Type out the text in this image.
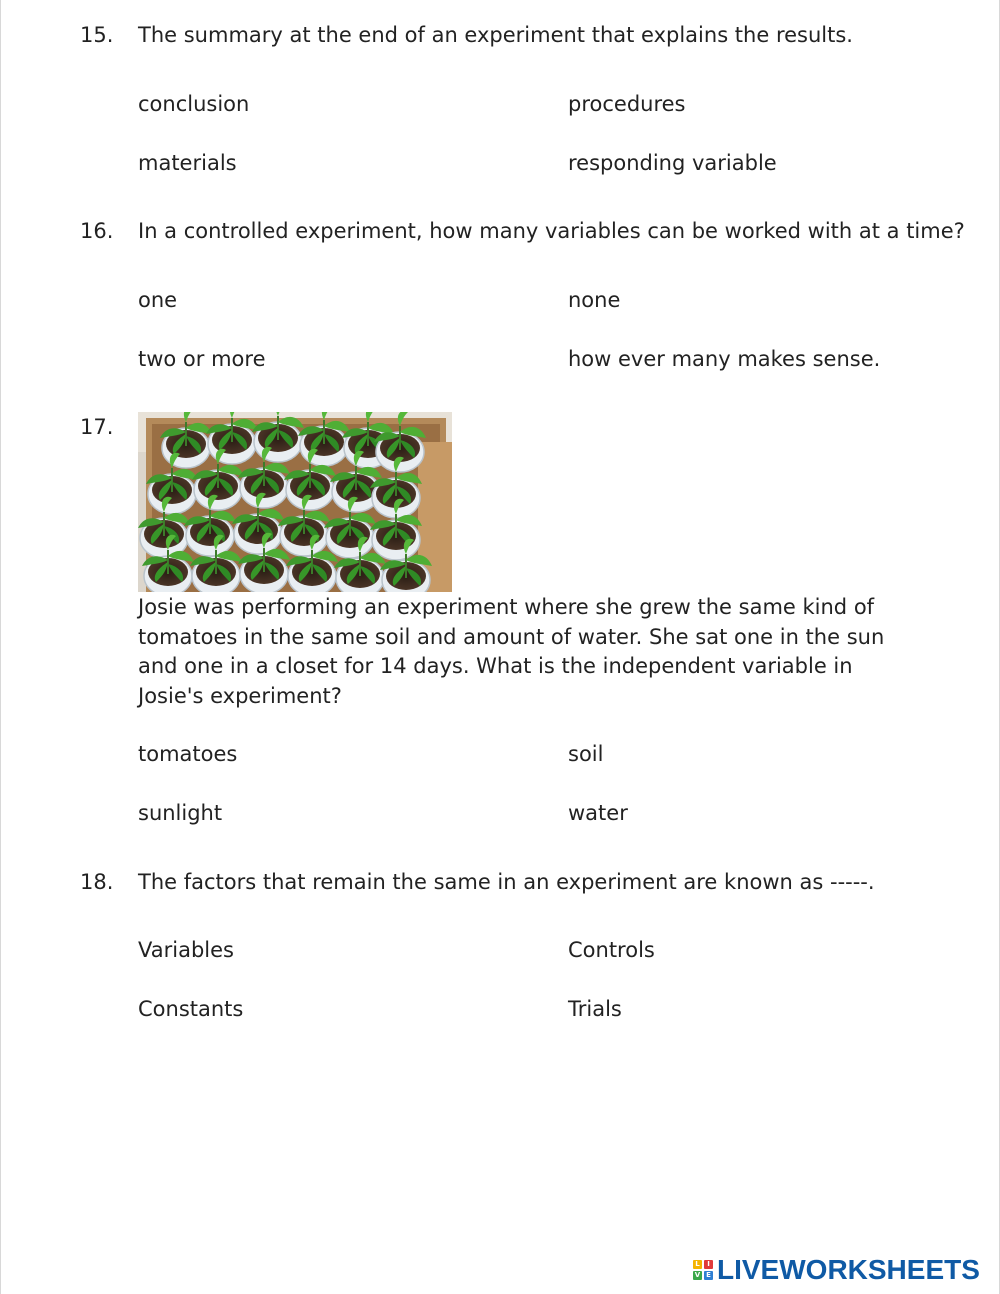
15. The summary at the end of an experiment that explains the results.
conclusion	procedures
materials	responding variable
16. In a controlled experiment, how many variables can be worked with at a time?
one	none
two or more	how ever many makes sense.
17.
Josie was performing an experiment where she grew the same kind of tomatoes in the same soil and amount of water. She sat one in the sun and one in a closet for 14 days. What is the independent variable in Josie's experiment?
tomatoes	soil
sunlight	water
18. The factors that remain the same in an experiment are known as -----.
Variables	Controls
Constants	Trials
L	I
V E LIVEWORKSHEETS
